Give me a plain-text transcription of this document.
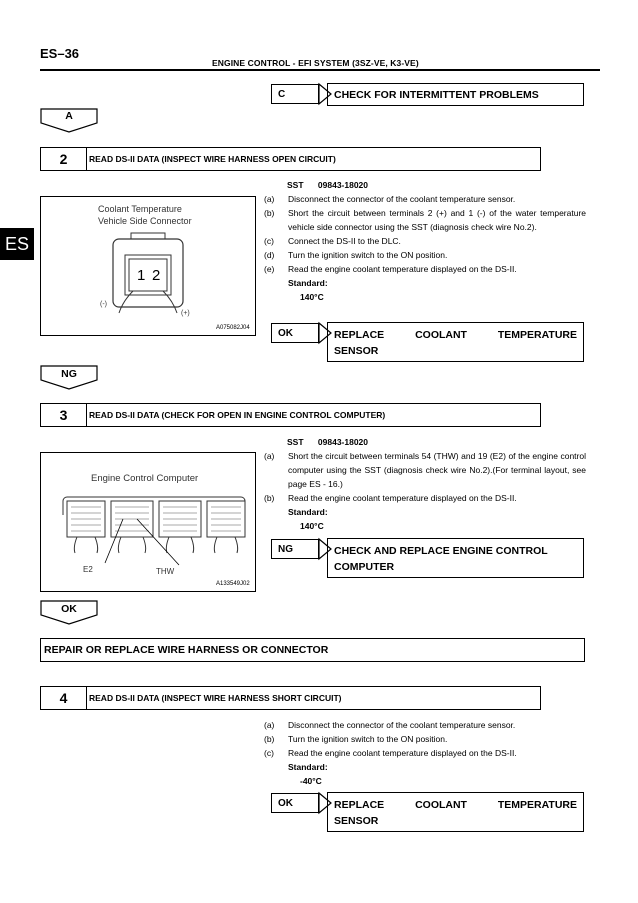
ES–36
ENGINE CONTROL - EFI SYSTEM (3SZ-VE, K3-VE)
ES
C	CHECK FOR INTERMITTENT PROBLEMS
A
2	READ DS-II DATA (INSPECT WIRE HARNESS OPEN CIRCUIT)
Coolant Temperature
Vehicle Side Connector
1 2
(-)
(+)
A075082J04
SST 09843-18020
(a)	Disconnect the connector of the coolant temperature sensor.
(b)	Short the circuit between terminals 2 (+) and 1 (-) of the water temperature vehicle side connector using the SST (diagnosis check wire No.2).
(c)	Connect the DS-II to the DLC.
(d)	Turn the ignition switch to the ON position.
(e)	Read the engine coolant temperature displayed on the DS-II.
Standard:
140°C
OK	REPLACE	COOLANT	TEMPERATURE
SENSOR
NG
3	READ DS-II DATA (CHECK FOR OPEN IN ENGINE CONTROL COMPUTER)
Engine Control Computer
E2	THW
A133549J02
SST 09843-18020
(a)	Short the circuit between terminals 54 (THW) and 19 (E2) of the engine control computer using the SST (diagnosis check wire No.2).(For terminal layout, see page ES - 16.)
(b)	Read the engine coolant temperature displayed on the DS-II.
Standard:
140°C
NG	CHECK AND REPLACE ENGINE CONTROL
COMPUTER
OK
REPAIR OR REPLACE WIRE HARNESS OR CONNECTOR
4	READ DS-II DATA (INSPECT WIRE HARNESS SHORT CIRCUIT)
(a)	Disconnect the connector of the coolant temperature sensor.
(b)	Turn the ignition switch to the ON position.
(c)	Read the engine coolant temperature displayed on the DS-II.
Standard:
-40°C
OK	REPLACE	COOLANT	TEMPERATURE
SENSOR
